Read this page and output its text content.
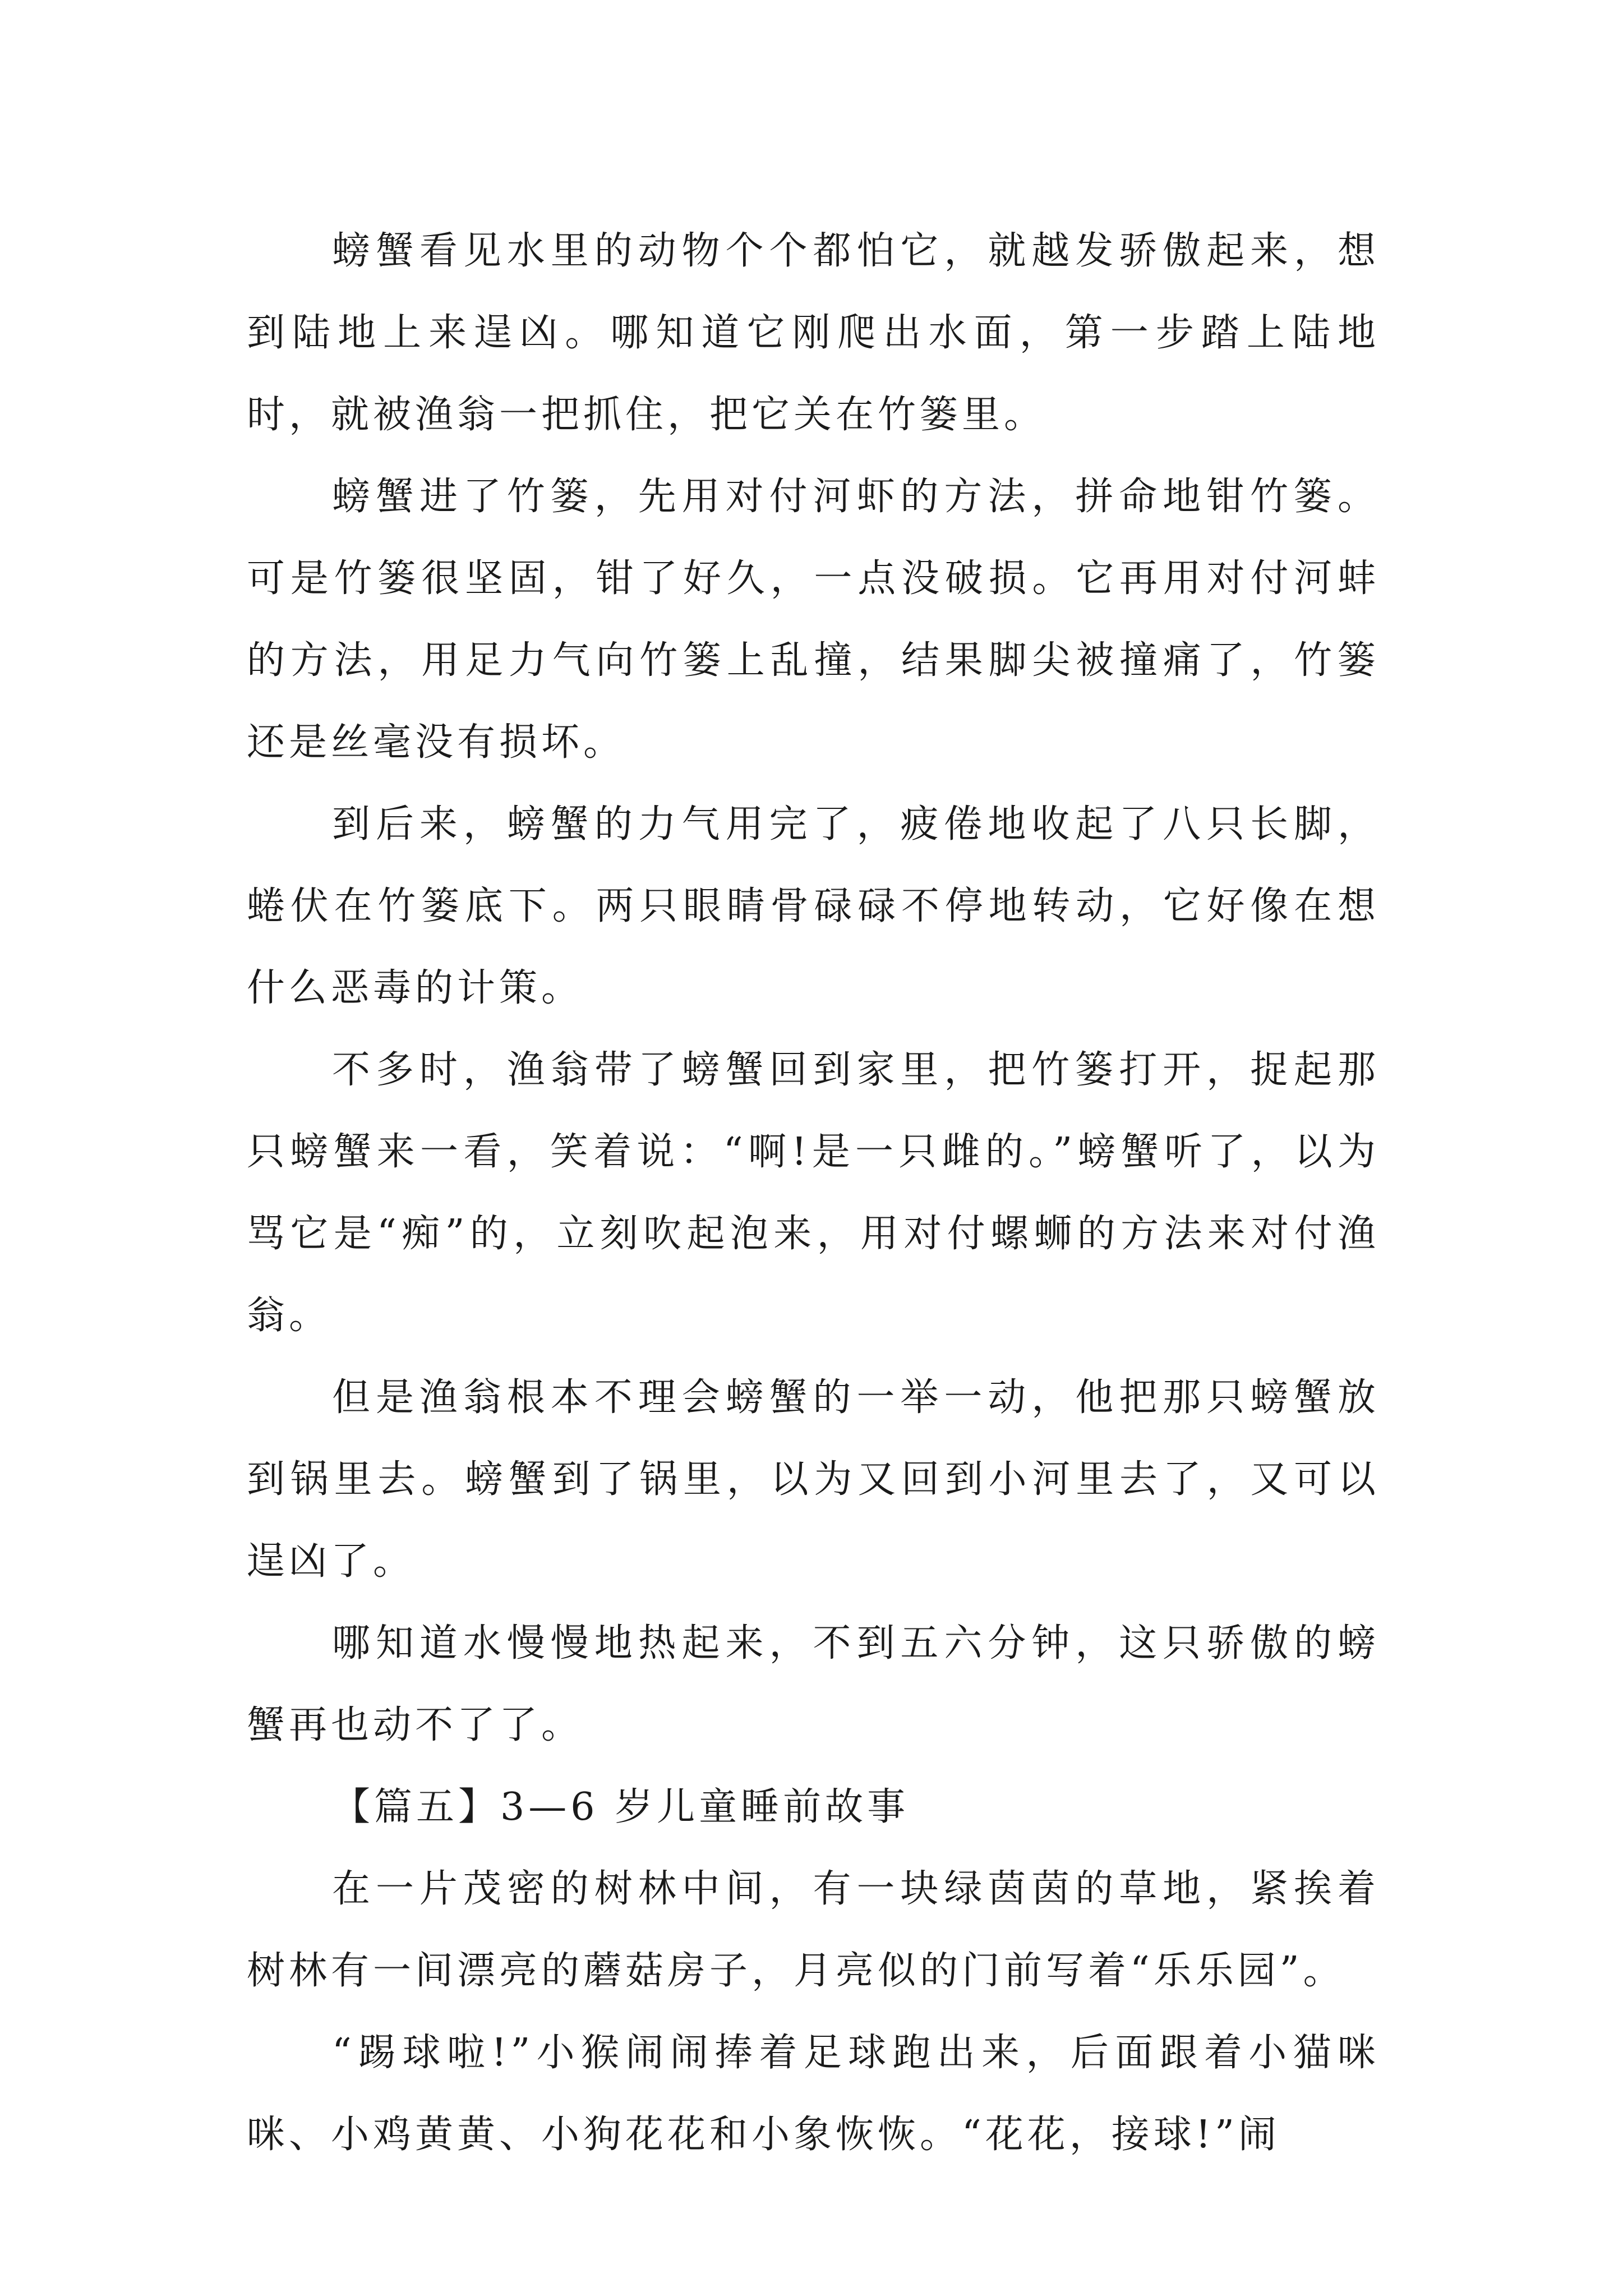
螃蟹看见水里的动物个个都怕它，就越发骄傲起来，想到陆地上来逞凶。哪知道它刚爬出水面，第一步踏上陆地时，就被渔翁一把抓住，把它关在竹篓里。

螃蟹进了竹篓，先用对付河虾的方法，拼命地钳竹篓。可是竹篓很坚固，钳了好久，一点没破损。它再用对付河蚌的方法，用足力气向竹篓上乱撞，结果脚尖被撞痛了，竹篓还是丝毫没有损坏。

到后来，螃蟹的力气用完了，疲倦地收起了八只长脚，蜷伏在竹篓底下。两只眼睛骨碌碌不停地转动，它好像在想什么恶毒的计策。

不多时，渔翁带了螃蟹回到家里，把竹篓打开，捉起那只螃蟹来一看，笑着说：“啊!是一只雌的。”螃蟹听了，以为骂它是“痴”的，立刻吹起泡来，用对付螺蛳的方法来对付渔翁。

但是渔翁根本不理会螃蟹的一举一动，他把那只螃蟹放到锅里去。螃蟹到了锅里，以为又回到小河里去了，又可以逞凶了。

哪知道水慢慢地热起来，不到五六分钟，这只骄傲的螃蟹再也动不了了。

【篇五】3—6 岁儿童睡前故事

在一片茂密的树林中间，有一块绿茵茵的草地，紧挨着树林有一间漂亮的蘑菇房子，月亮似的门前写着“乐乐园”。

“踢球啦!”小猴闹闹捧着足球跑出来，后面跟着小猫咪咪、小鸡黄黄、小狗花花和小象恢恢。“花花，接球!”闹
